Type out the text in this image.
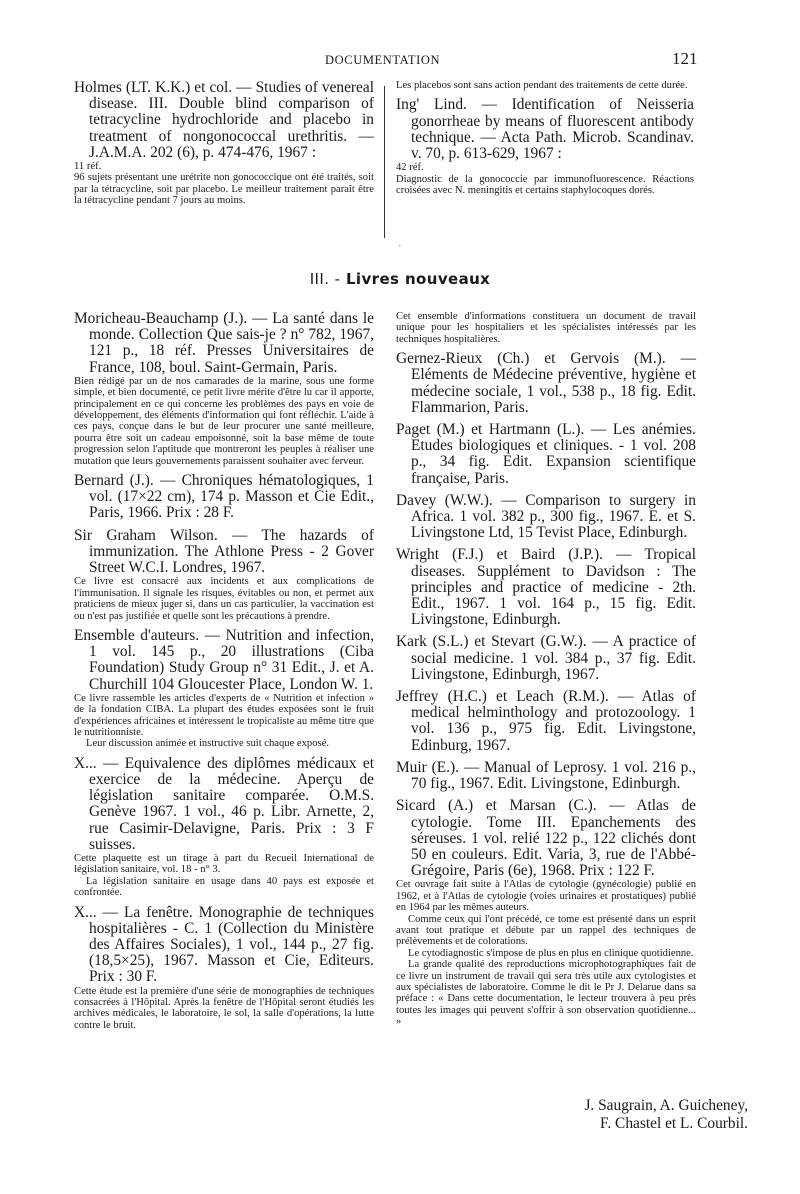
DOCUMENTATION	121

Holmes (LT. K.K.) et col. — Studies of venereal disease. III. Double blind comparison of tetracycline hydrochloride and placebo in treatment of nongonococcal urethritis. — J.A.M.A. 202 (6), p. 474-476, 1967 :

11 réf.

96 sujets présentant une urétrite non gonococcique ont été traités, soit par la tétracycline, soit par placebo. Le meilleur traitement paraît être la tétracycline pendant 7 jours au moins.

Les placebos sont sans action pendant des traitements de cette durée.

Ing' Lind. — Identification of Neisseria gonorrheae by means of fluorescent antibody technique. — Acta Path. Microb. Scandinav. v. 70, p. 613-629, 1967 :

42 réf.

Diagnostic de la gonococcie par immunofluorescence. Réactions croisées avec N. meningitis et certains staphylocoques dorés.

·
III. - Livres nouveaux

Moricheau-Beauchamp (J.). — La santé dans le monde. Collection Que sais-je ? n° 782, 1967, 121 p., 18 réf. Presses Universitaires de France, 108, boul. Saint-Germain, Paris.

Bien rédigé par un de nos camarades de la marine, sous une forme simple, et bien documenté, ce petit livre mérite d'être lu car il apporte, principalement en ce qui concerne les problèmes des pays en voie de développement, des éléments d'information qui font réfléchir. L'aide à ces pays, conçue dans le but de leur procurer une santé meilleure, pourra être soit un cadeau empoisonné, soit la base même de toute progression selon l'aptitude que montreront les peuples à réaliser une mutation que leurs gouvernements paraissent souhaiter avec ferveur.

Bernard (J.). — Chroniques hématologiques, 1 vol. (17×22 cm), 174 p. Masson et Cie Edit., Paris, 1966. Prix : 28 F.

Sir Graham Wilson. — The hazards of immunization. The Athlone Press - 2 Gover Street W.C.I. Londres, 1967.

Ce livre est consacré aux incidents et aux complications de l'immunisation. Il signale les risques, évitables ou non, et permet aux praticiens de mieux juger si, dans un cas particulier, la vaccination est ou n'est pas justifiée et quelle sont les précautions à prendre.

Ensemble d'auteurs. — Nutrition and infection, 1 vol. 145 p., 20 illustrations (Ciba Foundation) Study Group n° 31 Edit., J. et A. Churchill 104 Gloucester Place, London W. 1.

Ce livre rassemble les articles d'experts de « Nutrition et infection » de la fondation CIBA. La plupart des études exposées sont le fruit d'expériences africaines et intéressent le tropicaliste au même titre que le nutritionniste.

Leur discussion animée et instructive suit chaque exposé.

X... — Equivalence des diplômes médicaux et exercice de la médecine. Aperçu de législation sanitaire comparée. O.M.S. Genève 1967. 1 vol., 46 p. Libr. Arnette, 2, rue Casimir-Delavigne, Paris. Prix : 3 F suisses.

Cette plaquette est un tirage à part du Recueil International de législation sanitaire, vol. 18 - n° 3.

La législation sanitaire en usage dans 40 pays est exposée et confrontée.

X... — La fenêtre. Monographie de techniques hospitalières - C. 1 (Collection du Ministère des Affaires Sociales), 1 vol., 144 p., 27 fig. (18,5×25), 1967. Masson et Cie, Editeurs. Prix : 30 F.

Cette étude est la première d'une série de monographies de techniques consacrées à l'Hôpital. Après la fenêtre de l'Hôpital seront étudiés les archives médicales, le laboratoire, le sol, la salle d'opérations, la lutte contre le bruit.

Cet ensemble d'informations constituera un document de travail unique pour les hospitaliers et les spécialistes intéressés par les techniques hospitalières.

Gernez-Rieux (Ch.) et Gervois (M.). — Eléments de Médecine préventive, hygiène et médecine sociale, 1 vol., 538 p., 18 fig. Edit. Flammarion, Paris.

Paget (M.) et Hartmann (L.). — Les anémies. Etudes biologiques et cliniques. - 1 vol. 208 p., 34 fig. Edit. Expansion scientifique française, Paris.

Davey (W.W.). — Comparison to surgery in Africa. 1 vol. 382 p., 300 fig., 1967. E. et S. Livingstone Ltd, 15 Tevist Place, Edinburgh.

Wright (F.J.) et Baird (J.P.). — Tropical diseases. Supplément to Davidson : The principles and practice of medicine - 2th. Edit., 1967. 1 vol. 164 p., 15 fig. Edit. Livingstone, Edinburgh.

Kark (S.L.) et Stevart (G.W.). — A practice of social medicine. 1 vol. 384 p., 37 fig. Edit. Livingstone, Edinburgh, 1967.

Jeffrey (H.C.) et Leach (R.M.). — Atlas of medical helminthology and protozoology. 1 vol. 136 p., 975 fig. Edit. Livingstone, Edinburg, 1967.

Muir (E.). — Manual of Leprosy. 1 vol. 216 p., 70 fig., 1967. Edit. Livingstone, Edinburgh.

Sicard (A.) et Marsan (C.). — Atlas de cytologie. Tome III. Epanchements des séreuses. 1 vol. relié 122 p., 122 clichés dont 50 en couleurs. Edit. Varia, 3, rue de l'Abbé-Grégoire, Paris (6e), 1968. Prix : 122 F.

Cet ouvrage fait suite à l'Atlas de cytologie (gynécologie) publié en 1962, et à l'Atlas de cytologie (voies urinaires et prostatiques) publié en 1964 par les mêmes auteurs.

Comme ceux qui l'ont précédé, ce tome est présenté dans un esprit avant tout pratique et débute par un rappel des techniques de prélèvements et de colorations.

Le cytodiagnostic s'impose de plus en plus en clinique quotidienne.

La grande qualité des reproductions microphotographiques fait de ce livre un instrument de travail qui sera très utile aux cytologistes et aux spécialistes de laboratoire. Comme le dit le Pr J. Delarue dans sa préface : « Dans cette documentation, le lecteur trouvera à peu près toutes les images qui peuvent s'offrir à son observation quotidienne... »

J. Saugrain, A. Guicheney,
F. Chastel et L. Courbil.
